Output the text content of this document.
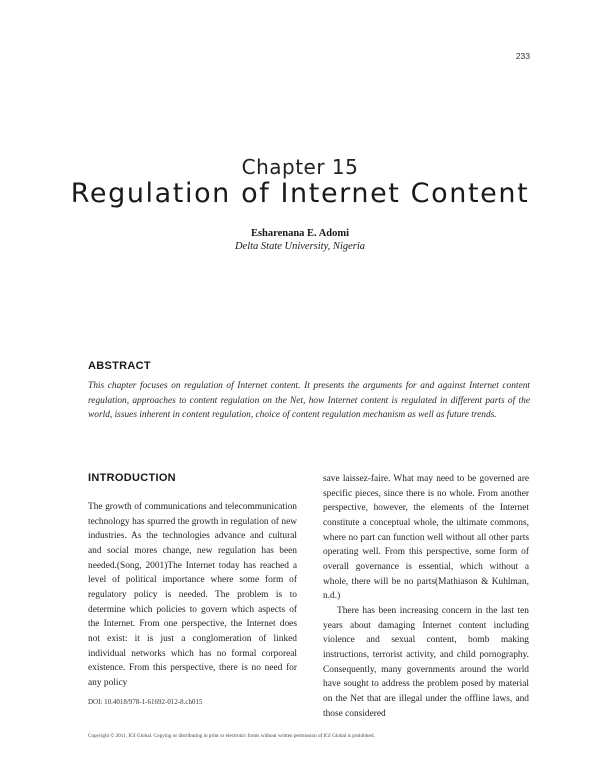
233
Chapter 15
Regulation of Internet Content
Esharenana E. Adomi
Delta State University, Nigeria
ABSTRACT
This chapter focuses on regulation of Internet content. It presents the arguments for and against Internet content regulation, approaches to content regulation on the Net, how Internet content is regulated in different parts of the world, issues inherent in content regulation, choice of content regulation mechanism as well as future trends.
INTRODUCTION

The growth of communications and telecommunication technology has spurred the growth in regulation of new industries. As the technologies advance and cultural and social mores change, new regulation has been needed.(Song, 2001)The Internet today has reached a level of political importance where some form of regulatory policy is needed. The problem is to determine which policies to govern which aspects of the Internet. From one perspective, the Internet does not exist: it is just a conglomeration of linked individual networks which has no formal corporeal existence. From this perspective, there is no need for any policy

save laissez-faire. What may need to be governed are specific pieces, since there is no whole. From another perspective, however, the elements of the Internet constitute a conceptual whole, the ultimate commons, where no part can function well without all other parts operating well. From this perspective, some form of overall governance is essential, which without a whole, there will be no parts(Mathiason & Kuhlman, n.d.)

There has been increasing concern in the last ten years about damaging Internet content including violence and sexual content, bomb making instructions, terrorist activity, and child pornography. Consequently, many governments around the world have sought to address the problem posed by material on the Net that are illegal under the offline laws, and those considered

DOI: 10.4018/978-1-61692-012-8.ch015
Copyright © 2011, IGI Global. Copying or distributing in print or electronic forms without written permission of IGI Global is prohibited.
